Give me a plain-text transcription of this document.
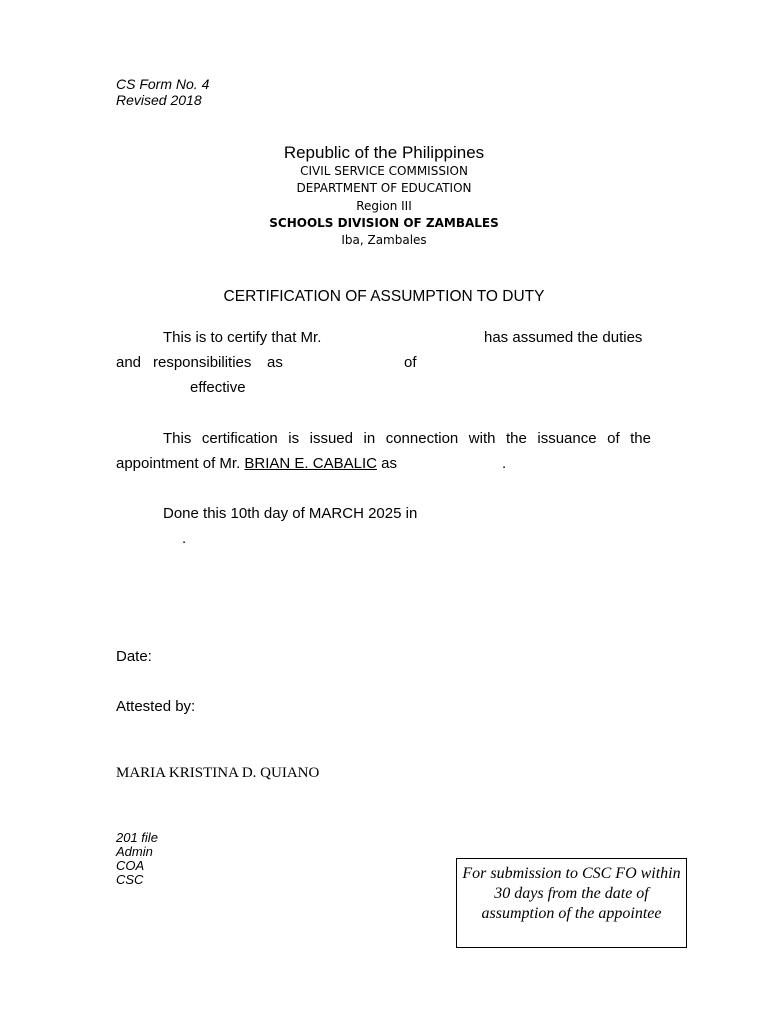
CS Form No. 4
Revised 2018
Republic of the Philippines
CIVIL SERVICE COMMISSION
DEPARTMENT OF EDUCATION
Region III
SCHOOLS DIVISION OF ZAMBALES
Iba, Zambales
CERTIFICATION OF ASSUMPTION TO DUTY
This is to certify that Mr.	has assumed the duties
and responsibilities as	of
effective
This certification is issued in connection with the issuance of the
appointment of Mr. BRIAN E. CABALIC as	.
Done this 10th day of MARCH 2025 in
.
Date:
Attested by:
MARIA KRISTINA D. QUIANO
201 file
Admin
COA
CSC	For submission to CSC FO within 30 days from the date of assumption of the appointee
